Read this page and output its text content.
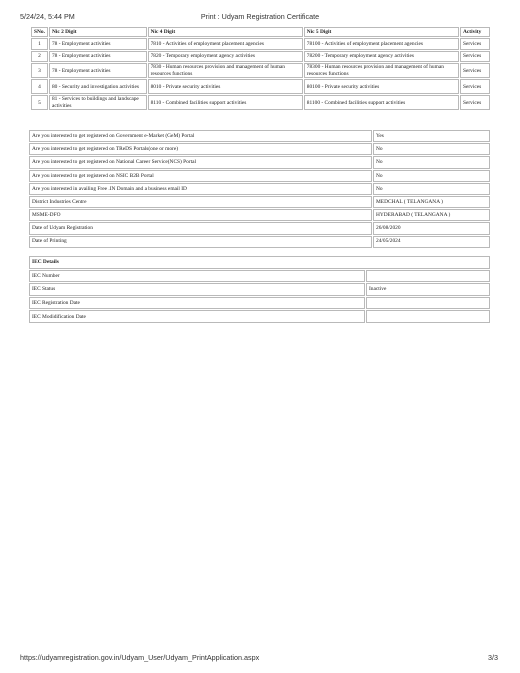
5/24/24, 5:44 PM	Print : Udyam Registration Certificate
SNo.	Nic 2 Digit	Nic 4 Digit	Nic 5 Digit	Activity
1	78 - Employment activities	7810 - Activities of employment placement agencies	78100 - Activities of employment placement agencies	Services
2	78 - Employment activities	7820 - Temporary employment agency activities	78200 - Temporary employment agency activities	Services
3	78 - Employment activities	7830 - Human resources provision and management of human resources functions	78300 - Human resources provision and management of human resources functions	Services
4	80 - Security and investigation activities	8010 - Private security activities	80100 - Private security activities	Services
5	81 - Services to buildings and landscape activities	8110 - Combined facilities support activities	81100 - Combined facilities support activities	Services
Are you interested to get registered on Government e-Market (GeM) Portal	Yes
Are you interested to get registered on TReDS Portals(one or more)	No
Are you interested to get registered on National Career Service(NCS) Portal	No
Are you interested to get registered on NSIC B2B Portal	No
Are you interested in availing Free .IN Domain and a business email ID	No
District Industries Centre	MEDCHAL ( TELANGANA )
MSME-DFO	HYDERABAD ( TELANGANA )
Date of Udyam Registration	26/08/2020
Date of Printing	24/05/2024
IEC Details	
IEC Number	
IEC Status	Inactive
IEC Registration Date	
IEC Modidification Date	
https://udyamregistration.gov.in/Udyam_User/Udyam_PrintApplication.aspx	3/3
